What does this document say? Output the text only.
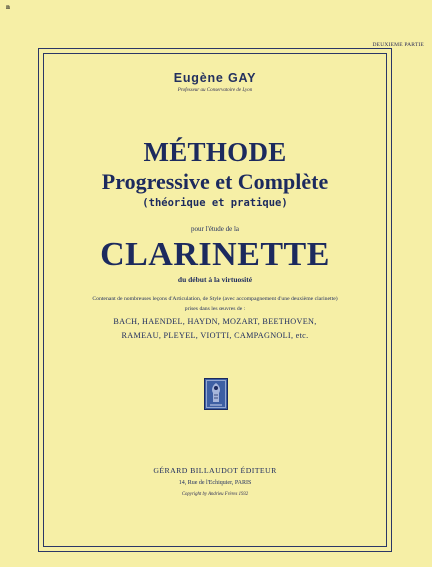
n
DEUXIEME PARTIE
Eugène GAY
Professeur au Conservatoire de Lyon
MÉTHODE
Progressive et Complète
(théorique et pratique)
pour l'étude de la
CLARINETTE
du début à la virtuosité
Contenant de nombreuses leçons d'Articulation, de Style (avec accompagnement d'une deuxième clarinette)
prises dans les œuvres de :
BACH, HAENDEL, HAYDN, MOZART, BEETHOVEN,
RAMEAU, PLEYEL, VIOTTI, CAMPAGNOLI, etc.
GÉRARD BILLAUDOT ÉDITEUR
14, Rue de l'Echiquier, PARIS
Copyright by Andrieu Frères 1932
